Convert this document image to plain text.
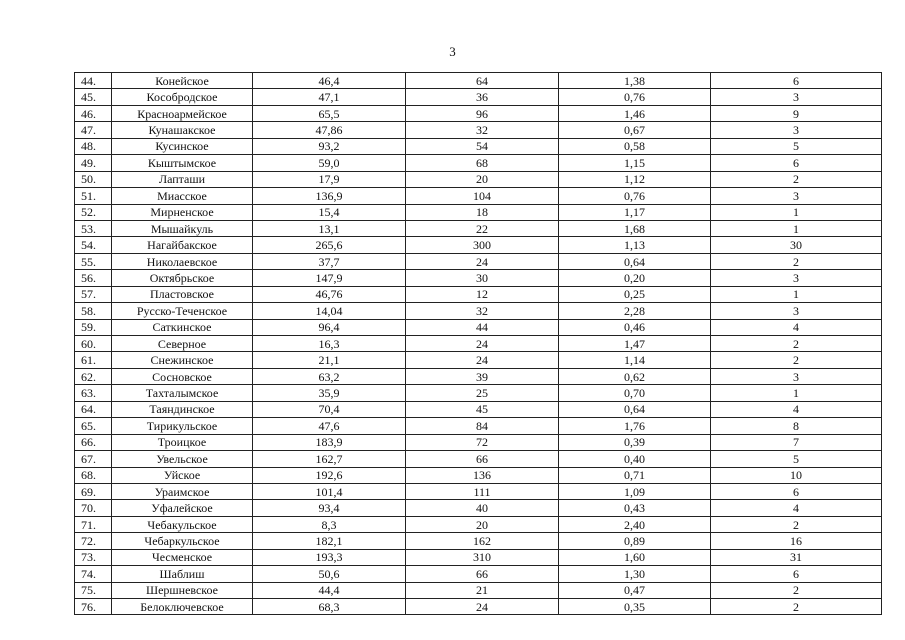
3
44.	Конейское	46,4	64	1,38	6
45.	Кособродское	47,1	36	0,76	3
46.	Красноармейское	65,5	96	1,46	9
47.	Кунашакское	47,86	32	0,67	3
48.	Кусинское	93,2	54	0,58	5
49.	Кыштымское	59,0	68	1,15	6
50.	Лапташи	17,9	20	1,12	2
51.	Миасское	136,9	104	0,76	3
52.	Мирненское	15,4	18	1,17	1
53.	Мышайкуль	13,1	22	1,68	1
54.	Нагайбакское	265,6	300	1,13	30
55.	Николаевское	37,7	24	0,64	2
56.	Октябрьское	147,9	30	0,20	3
57.	Пластовское	46,76	12	0,25	1
58.	Русско-Теченское	14,04	32	2,28	3
59.	Саткинское	96,4	44	0,46	4
60.	Северное	16,3	24	1,47	2
61.	Снежинское	21,1	24	1,14	2
62.	Сосновское	63,2	39	0,62	3
63.	Тахталымское	35,9	25	0,70	1
64.	Таяндинское	70,4	45	0,64	4
65.	Тирикульское	47,6	84	1,76	8
66.	Троицкое	183,9	72	0,39	7
67.	Увельское	162,7	66	0,40	5
68.	Уйское	192,6	136	0,71	10
69.	Ураимское	101,4	111	1,09	6
70.	Уфалейское	93,4	40	0,43	4
71.	Чебакульское	8,3	20	2,40	2
72.	Чебаркульское	182,1	162	0,89	16
73.	Чесменское	193,3	310	1,60	31
74.	Шаблиш	50,6	66	1,30	6
75.	Шершневское	44,4	21	0,47	2
76.	Белоключевское	68,3	24	0,35	2
